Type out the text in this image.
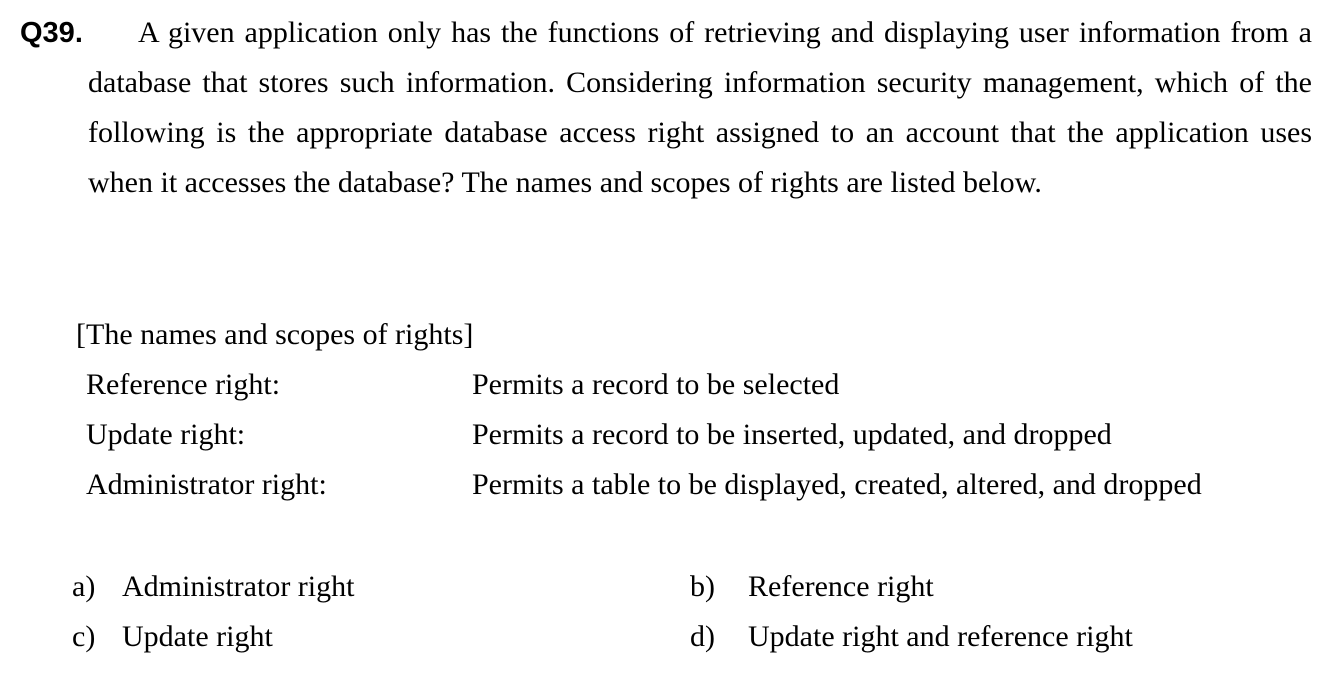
Q39.	A given application only has the functions of retrieving and displaying user information from a database that stores such information. Considering information security management, which of the following is the appropriate database access right assigned to an account that the application uses when it accesses the database? The names and scopes of rights are listed below.

[The names and scopes of rights]
Reference right:	Permits a record to be selected
Update right:	Permits a record to be inserted, updated, and dropped
Administrator right:	Permits a table to be displayed, created, altered, and dropped
a) Administrator right	b) Reference right
c) Update right	d) Update right and reference right
